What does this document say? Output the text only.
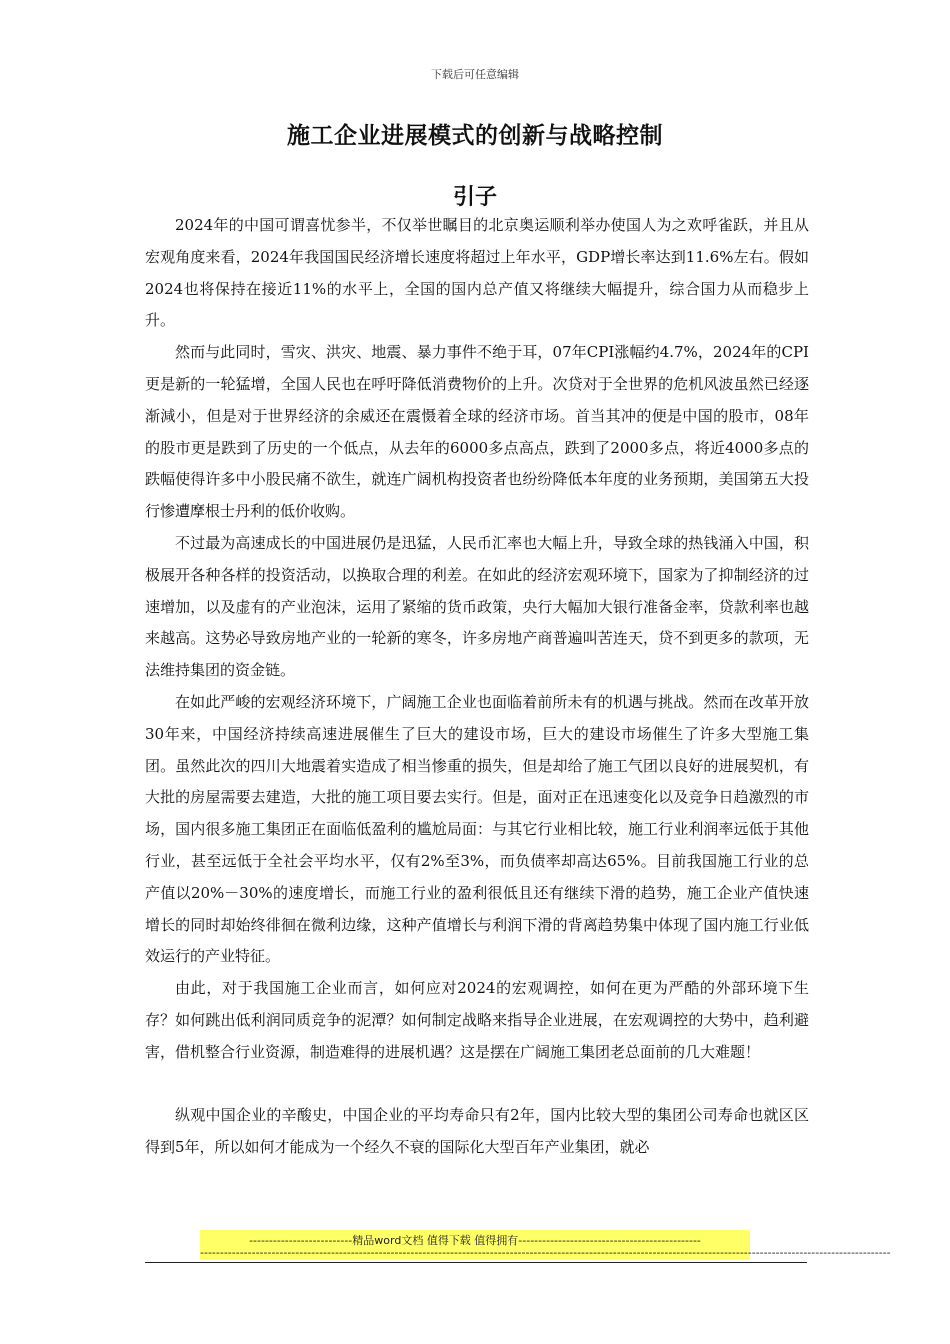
下载后可任意编辑
施工企业进展模式的创新与战略控制
引子

2024年的中国可谓喜忧参半，不仅举世瞩目的北京奥运顺利举办使国人为之欢呼雀跃，并且从宏观角度来看，2024年我国国民经济增长速度将超过上年水平，GDP增长率达到11.6%左右。假如2024也将保持在接近11%的水平上，全国的国内总产值又将继续大幅提升，综合国力从而稳步上升。

然而与此同时，雪灾、洪灾、地震、暴力事件不绝于耳，07年CPI涨幅约4.7%，2024年的CPI更是新的一轮猛增，全国人民也在呼吁降低消费物价的上升。次贷对于全世界的危机风波虽然已经逐渐減小，但是对于世界经济的余威还在震慑着全球的经济市场。首当其冲的便是中国的股市，08年的股市更是跌到了历史的一个低点，从去年的6000多点高点，跌到了2000多点，将近4000多点的跌幅使得许多中小股民痛不欲生，就连广阔机构投资者也纷纷降低本年度的业务预期，美国第五大投行惨遭摩根士丹利的低价收购。

不过最为高速成长的中国进展仍是迅猛，人民币汇率也大幅上升，导致全球的热钱涌入中国，积极展开各种各样的投资活动，以换取合理的利差。在如此的经济宏观环境下，国家为了抑制经济的过速增加，以及虚有的产业泡沫，运用了紧缩的货币政策，央行大幅加大银行准备金率，贷款利率也越来越高。这势必导致房地产业的一轮新的寒冬，许多房地产商普遍叫苦连天，贷不到更多的款项，无法维持集团的资金链。

在如此严峻的宏观经济环境下，广阔施工企业也面临着前所未有的机遇与挑战。然而在改革开放30年来，中国经济持续高速进展催生了巨大的建设市场，巨大的建设市场催生了许多大型施工集团。虽然此次的四川大地震着实造成了相当惨重的损失，但是却给了施工气团以良好的进展契机，有大批的房屋需要去建造，大批的施工项目要去实行。但是，面对正在迅速变化以及竞争日趋激烈的市场，国内很多施工集团正在面临低盈利的尴尬局面：与其它行业相比较，施工行业利润率远低于其他行业，甚至远低于全社会平均水平，仅有2%至3%，而负债率却高达65%。目前我国施工行业的总产值以20%－30%的速度增长，而施工行业的盈利很低且还有继续下滑的趋势，施工企业产值快速增长的同时却始终徘徊在微利边缘，这种产值增长与利润下滑的背离趋势集中体现了国内施工行业低效运行的产业特征。

由此，对于我国施工企业而言，如何应对2024的宏观调控，如何在更为严酷的外部环境下生存？如何跳出低利润同质竞争的泥潭？如何制定战略来指导企业进展，在宏观调控的大势中，趋利避害，借机整合行业资源，制造难得的进展机遇？这是摆在广阔施工集团老总面前的几大难题！

纵观中国企业的辛酸史，中国企业的平均寿命只有2年，国内比较大型的集团公司寿命也就区区得到5年，所以如何才能成为一个经久不衰的国际化大型百年产业集团，就必

--------------------------精品word文档 值得下载 值得拥有----------------------------------------------
------------------------------------------------------------------------------------------------------------------------------------------------------------------------------
